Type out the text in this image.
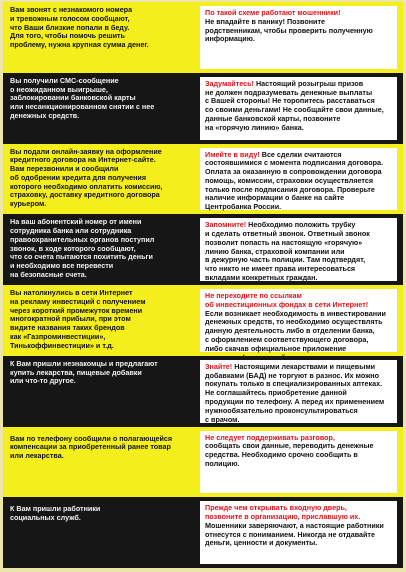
Вам звонят с незнакомого номера
и тревожным голосом сообщают,
что Ваши близкие попали в беду.
Для того, чтобы помочь решить
проблему, нужна крупная сумма денег.
По такой схеме работают мошенники!
Не впадайте в панику! Позвоните
родственникам, чтобы проверить полученную
информацию.
Вы получили СМС-сообщение
о неожиданном выигрыше,
заблокировании банковской карты
или несанкционированном снятии с нее
денежных средств.
Задумайтесь! Настоящий розыгрыш призов
не должен подразумевать денежные выплаты
с Вашей стороны! Не торопитесь расставаться
со своими деньгами! Не сообщайте свои данные,
данные банковской карты, позвоните
на «горячую линию» банка.
Вы подали онлайн-заявку на оформление
кредитного договора на Интернет-сайте.
Вам перезвонили и сообщили
об одобрении кредита для получения
которого необходимо оплатить комиссию,
страховку, доставку кредитного договора
курьером.
Имейте в виду! Все сделки считаются
состоявшимися с момента подписания договора.
Оплата за оказанную в сопровождении договора
помощь, комиссии, страховки осуществляется
только после подписания договора. Проверьте
наличие информации о банке на сайте
Центробанка России.
На ваш абонентский номер от имени
сотрудника банка или сотрудника
правоохранительных органов поступил
звонок, в ходе которого сообщают,
что со счета пытаются похитить деньги
и необходимо все перевести
на безопасные счета.
Запомните! Необходимо положить трубку
и сделать ответный звонок. Ответный звонок
позволит попасть на настоящую «горячую»
линию банка, страховой компании или
в дежурную часть полиции. Там подтвердят,
что никто не имеет права интересоваться
вкладами конкретных граждан.
Вы натолкнулись в сети Интернет
на рекламу инвестиций с получением
через короткий промежуток времени
многократной прибыли, при этом
видите названия таких брендов
как «Газпроминвестиции»,
Тинькоффинвестиции» и т.д.
Не переходите по ссылкам
об инвестиционных фондах в сети Интернет!
Если возникает необходимость в инвестировании
денежных средств, то необходимо осуществлять
данную деятельность либо в отделении банка,
с оформлением соответствующего договора,
либо скачав официальное приложение

К Вам пришли незнакомцы и предлагают
купить лекарства, пищевые добавки
или что-то другое.
Знайте! Настоящими лекарствами и пищевыми
добавками (БАД) не торгуют в разнос. Их можно
покупать только в специализированных аптеках.
Не соглашайтесь приобретение данной
продукции по телефону. А перед их применением
нужнообязательно проконсультироваться
с врачом.
Вам по телефону сообщили о полагающейся
компенсации за приобретенный ранее товар
или лекарства.
Не следует поддерживать разговор,
сообщать свои данные, переводить денежные
средства. Необходимо срочно сообщить в полицию.
К Вам пришли работники
социальных служб.
Прежде чем открывать входную дверь,
позвоните в организацию, приславшую их.
Мошенники заверяючают, а настоящие работники
отнесутся с пониманием. Никогда не отдавайте
деньги, ценности и документы.
